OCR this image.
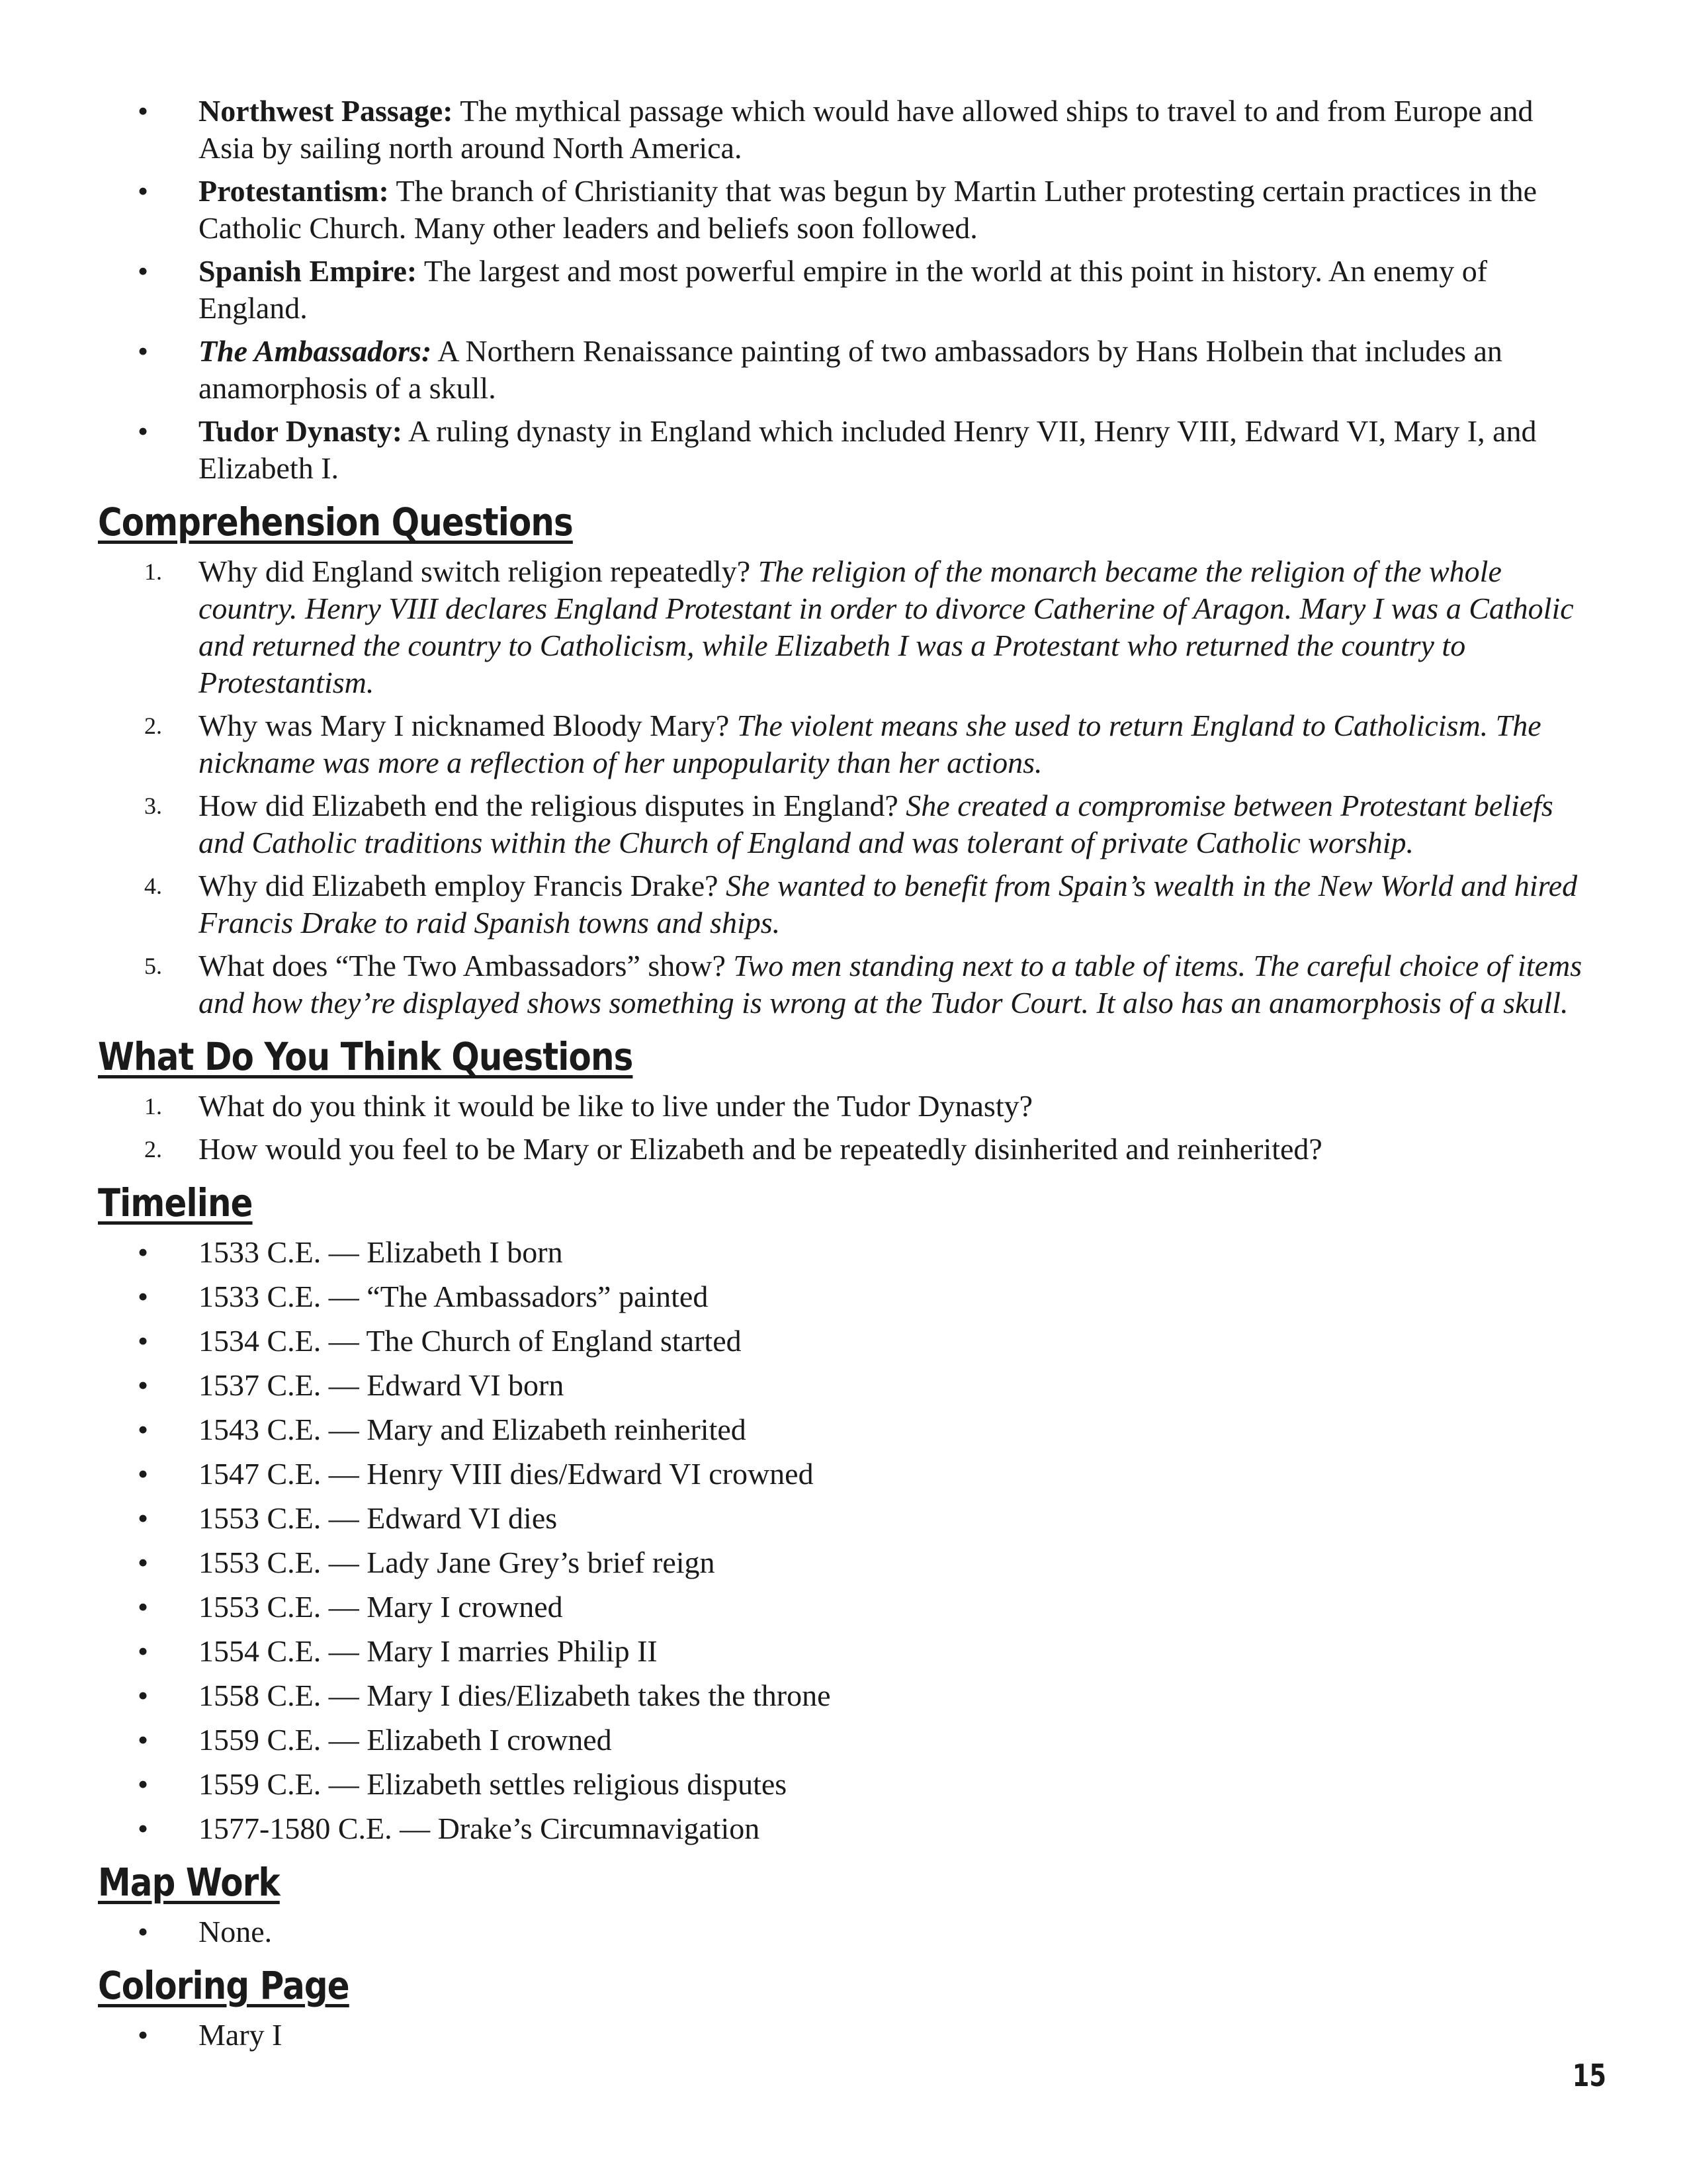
• Northwest Passage: The mythical passage which would have allowed ships to travel to and from Europe and Asia by sailing north around North America.
• Protestantism: The branch of Christianity that was begun by Martin Luther protesting certain practices in the Catholic Church. Many other leaders and beliefs soon followed.
• Spanish Empire: The largest and most powerful empire in the world at this point in history. An enemy of England.
• The Ambassadors: A Northern Renaissance painting of two ambassadors by Hans Holbein that includes an anamorphosis of a skull.
• Tudor Dynasty: A ruling dynasty in England which included Henry VII, Henry VIII, Edward VI, Mary I, and Elizabeth I.
Comprehension Questions
1. Why did England switch religion repeatedly? The religion of the monarch became the religion of the whole country. Henry VIII declares England Protestant in order to divorce Catherine of Aragon. Mary I was a Catholic and returned the country to Catholicism, while Elizabeth I was a Protestant who returned the country to Protestantism.
2. Why was Mary I nicknamed Bloody Mary? The violent means she used to return England to Catholicism. The nickname was more a reflection of her unpopularity than her actions.
3. How did Elizabeth end the religious disputes in England? She created a compromise between Protestant beliefs and Catholic traditions within the Church of England and was tolerant of private Catholic worship.
4. Why did Elizabeth employ Francis Drake? She wanted to benefit from Spain’s wealth in the New World and hired Francis Drake to raid Spanish towns and ships.
5. What does “The Two Ambassadors” show? Two men standing next to a table of items. The careful choice of items and how they’re displayed shows something is wrong at the Tudor Court. It also has an anamorphosis of a skull.
What Do You Think Questions
1. What do you think it would be like to live under the Tudor Dynasty?
2. How would you feel to be Mary or Elizabeth and be repeatedly disinherited and reinherited?
Timeline
• 1533 C.E. — Elizabeth I born
• 1533 C.E. — “The Ambassadors” painted
• 1534 C.E. — The Church of England started
• 1537 C.E. — Edward VI born
• 1543 C.E. — Mary and Elizabeth reinherited
• 1547 C.E. — Henry VIII dies/Edward VI crowned
• 1553 C.E. — Edward VI dies
• 1553 C.E. — Lady Jane Grey’s brief reign
• 1553 C.E. — Mary I crowned
• 1554 C.E. — Mary I marries Philip II
• 1558 C.E. — Mary I dies/Elizabeth takes the throne
• 1559 C.E. — Elizabeth I crowned
• 1559 C.E. — Elizabeth settles religious disputes
• 1577-1580 C.E. — Drake’s Circumnavigation
Map Work
• None.
Coloring Page
• Mary I
15
